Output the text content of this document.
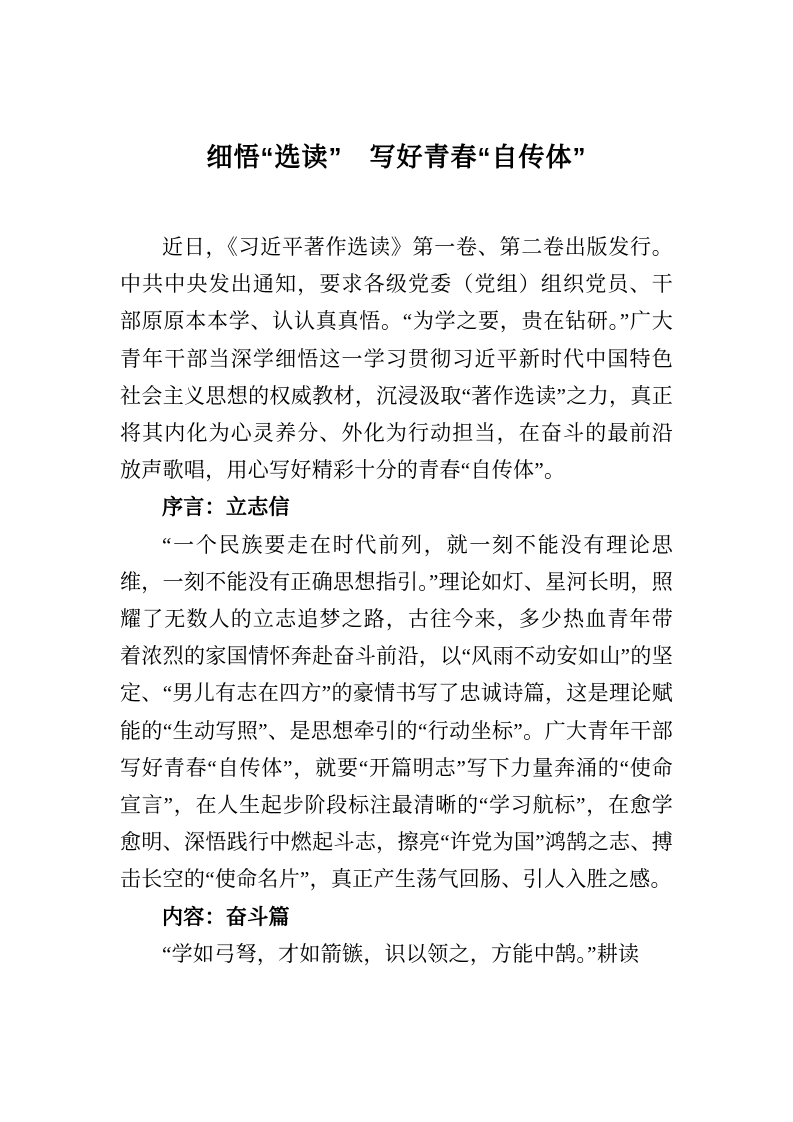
细悟“选读”　写好青春“自传体”

近日，《习近平著作选读》第一卷、第二卷出版发行。中共中央发出通知，要求各级党委（党组）组织党员、干部原原本本学、认认真真悟。“为学之要，贵在钻研。”广大青年干部当深学细悟这一学习贯彻习近平新时代中国特色社会主义思想的权威教材，沉浸汲取“著作选读”之力，真正将其内化为心灵养分、外化为行动担当，在奋斗的最前沿放声歌唱，用心写好精彩十分的青春“自传体”。

序言：立志信

“一个民族要走在时代前列，就一刻不能没有理论思维，一刻不能没有正确思想指引。”理论如灯、星河长明，照耀了无数人的立志追梦之路，古往今来，多少热血青年带着浓烈的家国情怀奔赴奋斗前沿，以“风雨不动安如山”的坚定、“男儿有志在四方”的豪情书写了忠诚诗篇，这是理论赋能的“生动写照”、是思想牵引的“行动坐标”。广大青年干部写好青春“自传体”，就要“开篇明志”写下力量奔涌的“使命宣言”，在人生起步阶段标注最清晰的“学习航标”，在愈学愈明、深悟践行中燃起斗志，擦亮“许党为国”鸿鹄之志、搏击长空的“使命名片”，真正产生荡气回肠、引人入胜之感。

内容：奋斗篇

“学如弓弩，才如箭镞，识以领之，方能中鹄。”耕读
